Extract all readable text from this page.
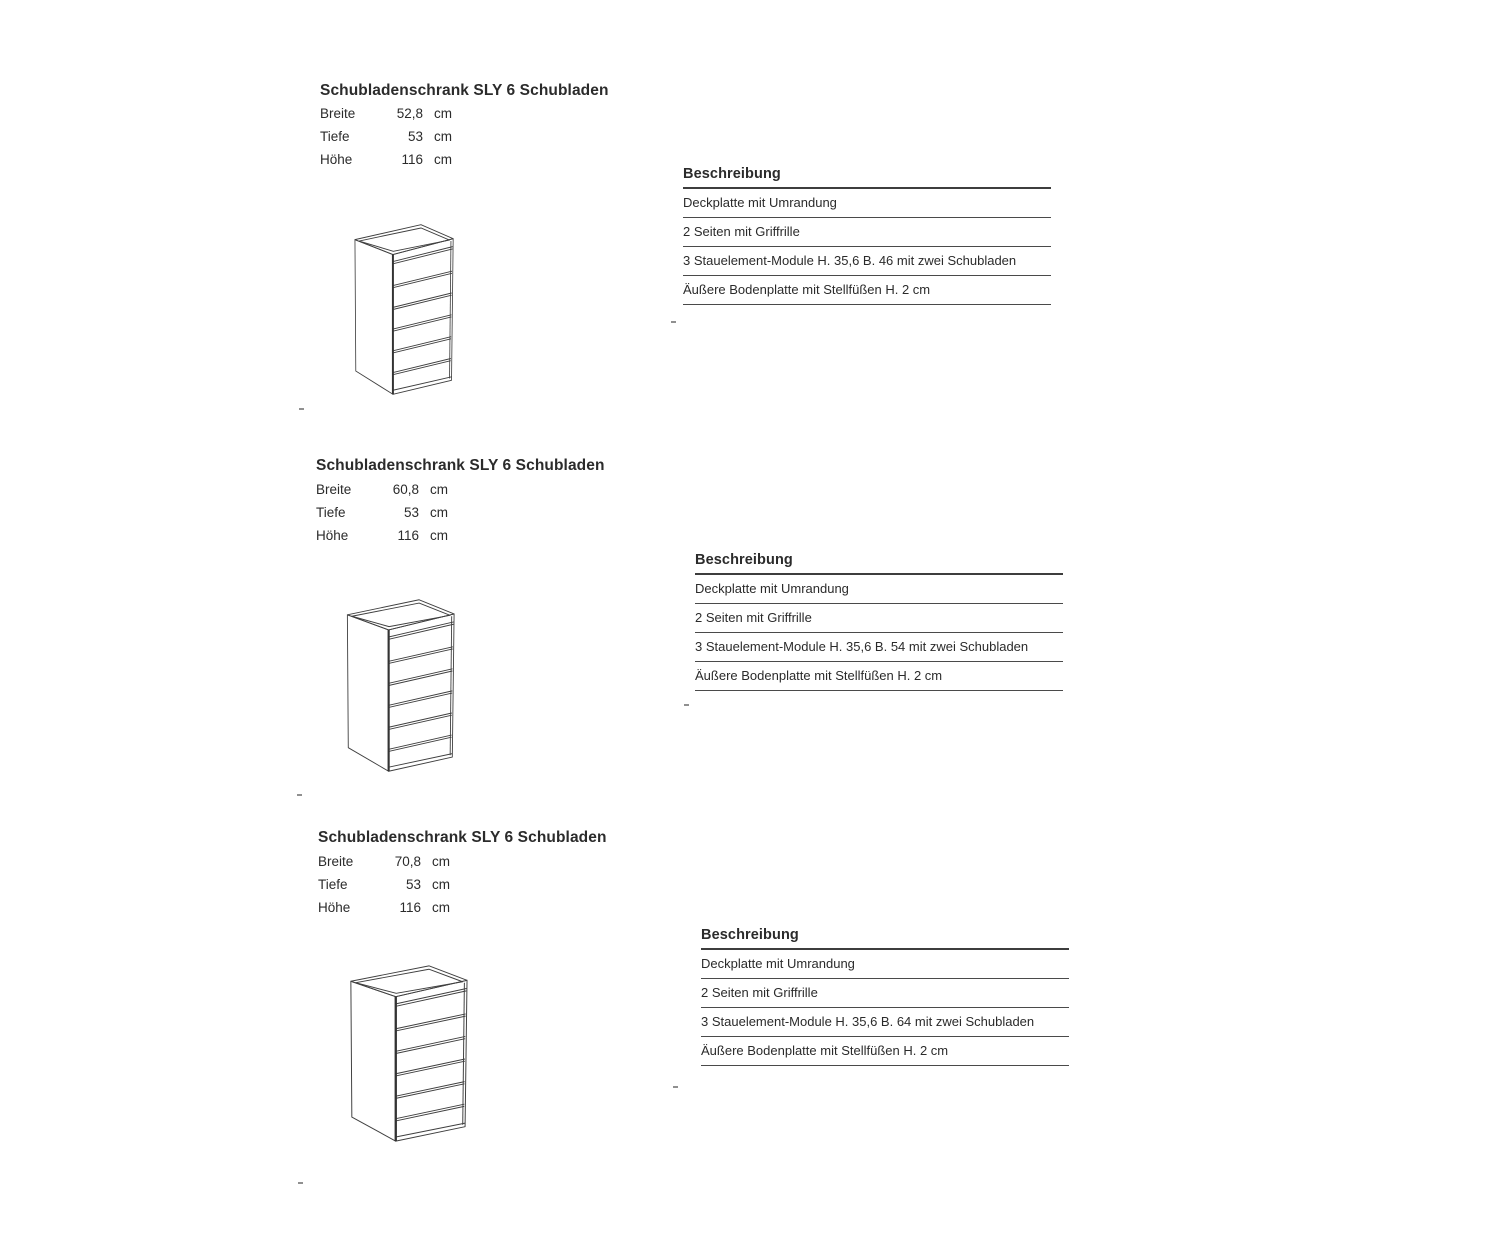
Schubladenschrank SLY 6 Schubladen
Breite	52,8 cm
Tiefe	53 cm
Höhe	116 cm
Beschreibung
Deckplatte mit Umrandung
2 Seiten mit Griffrille
3 Stauelement-Module H. 35,6 B. 46 mit zwei Schubladen
Äußere Bodenplatte mit Stellfüßen H. 2 cm
Schubladenschrank SLY 6 Schubladen
Breite	60,8 cm
Tiefe	53 cm
Höhe	116 cm
Beschreibung
Deckplatte mit Umrandung
2 Seiten mit Griffrille
3 Stauelement-Module H. 35,6 B. 54 mit zwei Schubladen
Äußere Bodenplatte mit Stellfüßen H. 2 cm
Schubladenschrank SLY 6 Schubladen
Breite	70,8 cm
Tiefe	53 cm
Höhe	116 cm
Beschreibung
Deckplatte mit Umrandung
2 Seiten mit Griffrille
3 Stauelement-Module H. 35,6 B. 64 mit zwei Schubladen
Äußere Bodenplatte mit Stellfüßen H. 2 cm
